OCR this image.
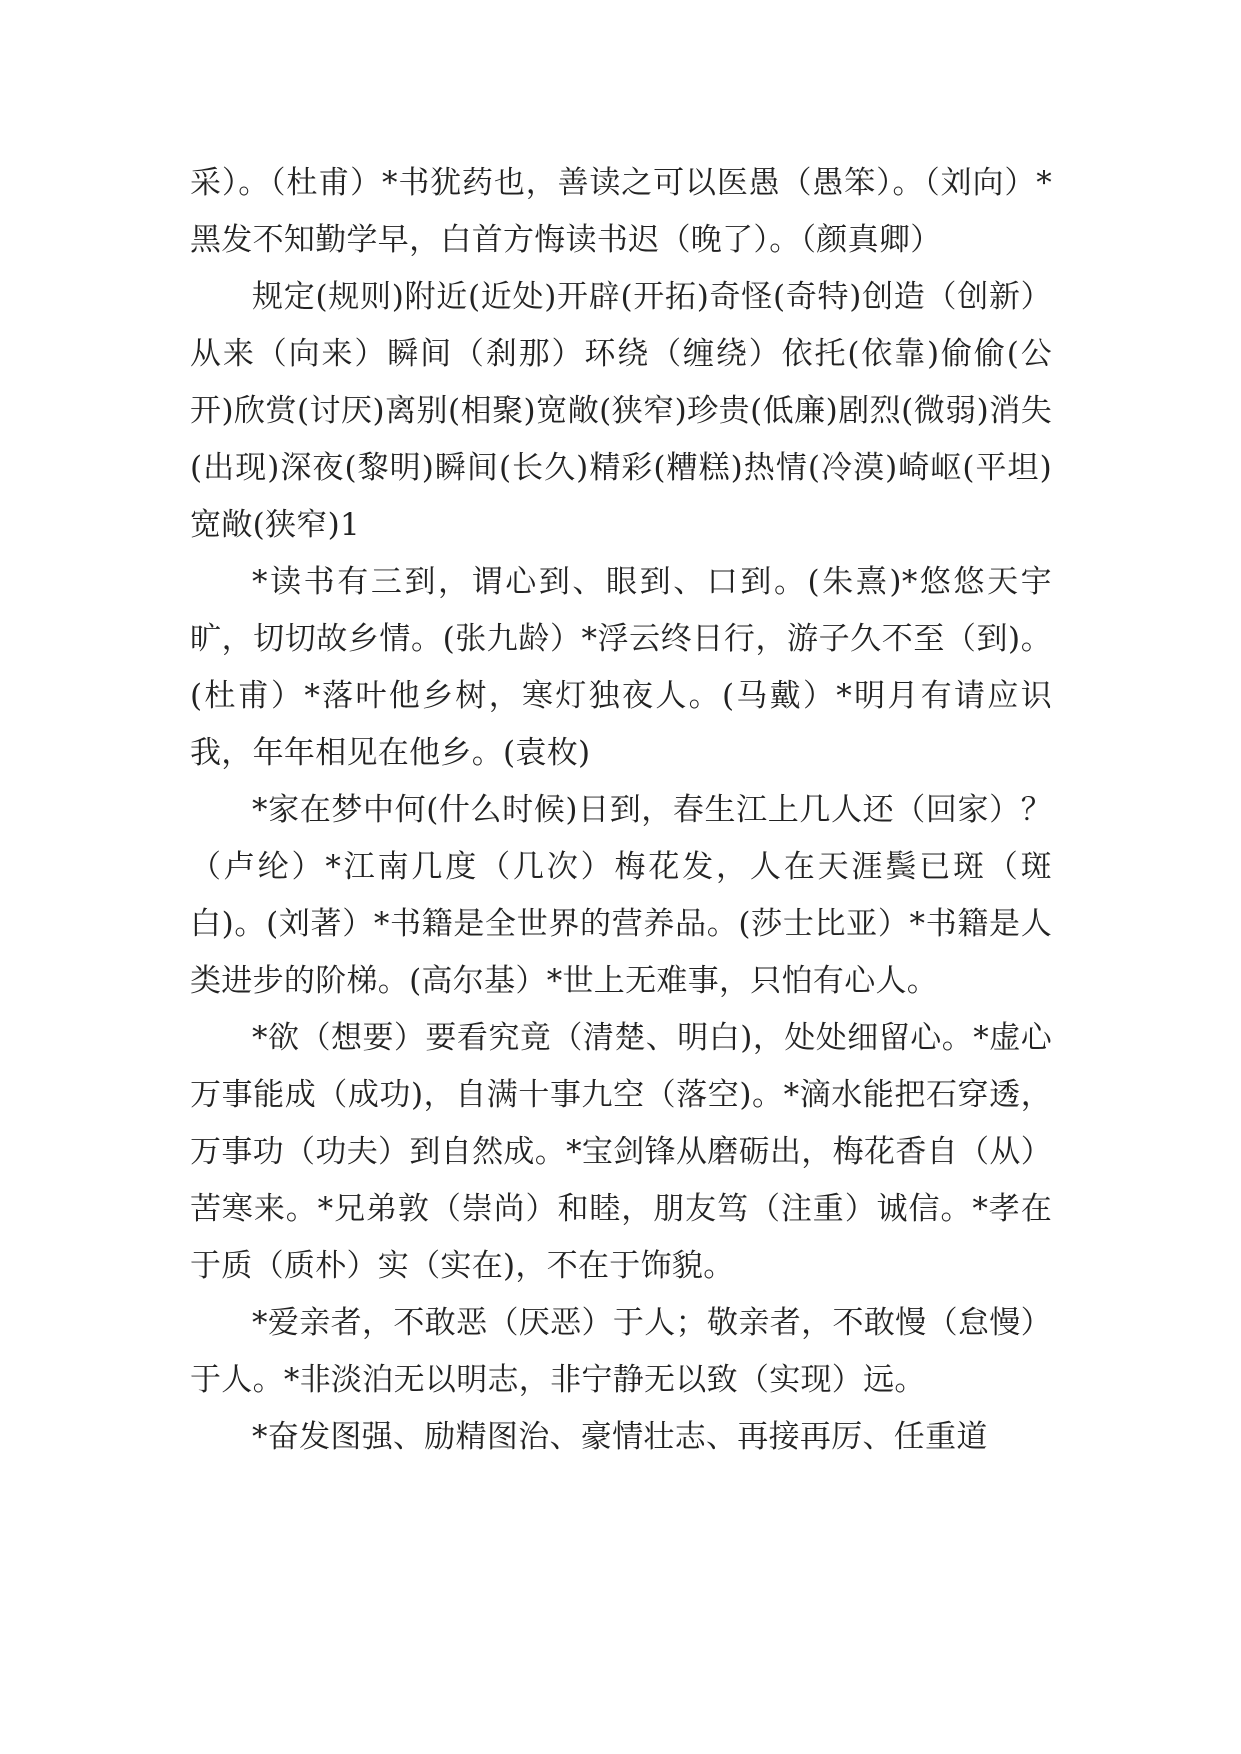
采）。（杜甫）*书犹药也，善读之可以医愚（愚笨）。（刘向）*黑发不知勤学早，白首方悔读书迟（晚了）。（颜真卿）

规定(规则)附近(近处)开辟(开拓)奇怪(奇特)创造（创新）从来（向来）瞬间（刹那）环绕（缠绕）依托(依靠)偷偷(公开)欣赏(讨厌)离别(相聚)宽敞(狭窄)珍贵(低廉)剧烈(微弱)消失(出现)深夜(黎明)瞬间(长久)精彩(糟糕)热情(冷漠)崎岖(平坦)宽敞(狭窄)1

*读书有三到，谓心到、眼到、口到。(朱熹)*悠悠天宇旷，切切故乡情。(张九龄）*浮云终日行，游子久不至（到)。(杜甫）*落叶他乡树，寒灯独夜人。(马戴）*明月有请应识我，年年相见在他乡。(袁枚)

*家在梦中何(什么时候)日到，春生江上几人还（回家）？（卢纶）*江南几度（几次）梅花发，人在天涯鬓已斑（斑白)。(刘著）*书籍是全世界的营养品。(莎士比亚）*书籍是人类进步的阶梯。(高尔基）*世上无难事，只怕有心人。

*欲（想要）要看究竟（清楚、明白)，处处细留心。*虚心万事能成（成功)，自满十事九空（落空)。*滴水能把石穿透，万事功（功夫）到自然成。*宝剑锋从磨砺出，梅花香自（从）苦寒来。*兄弟敦（崇尚）和睦，朋友笃（注重）诚信。*孝在于质（质朴）实（实在)，不在于饰貌。

*爱亲者，不敢恶（厌恶）于人；敬亲者，不敢慢（怠慢）于人。*非淡泊无以明志，非宁静无以致（实现）远。

*奋发图强、励精图治、豪情壮志、再接再厉、任重道
